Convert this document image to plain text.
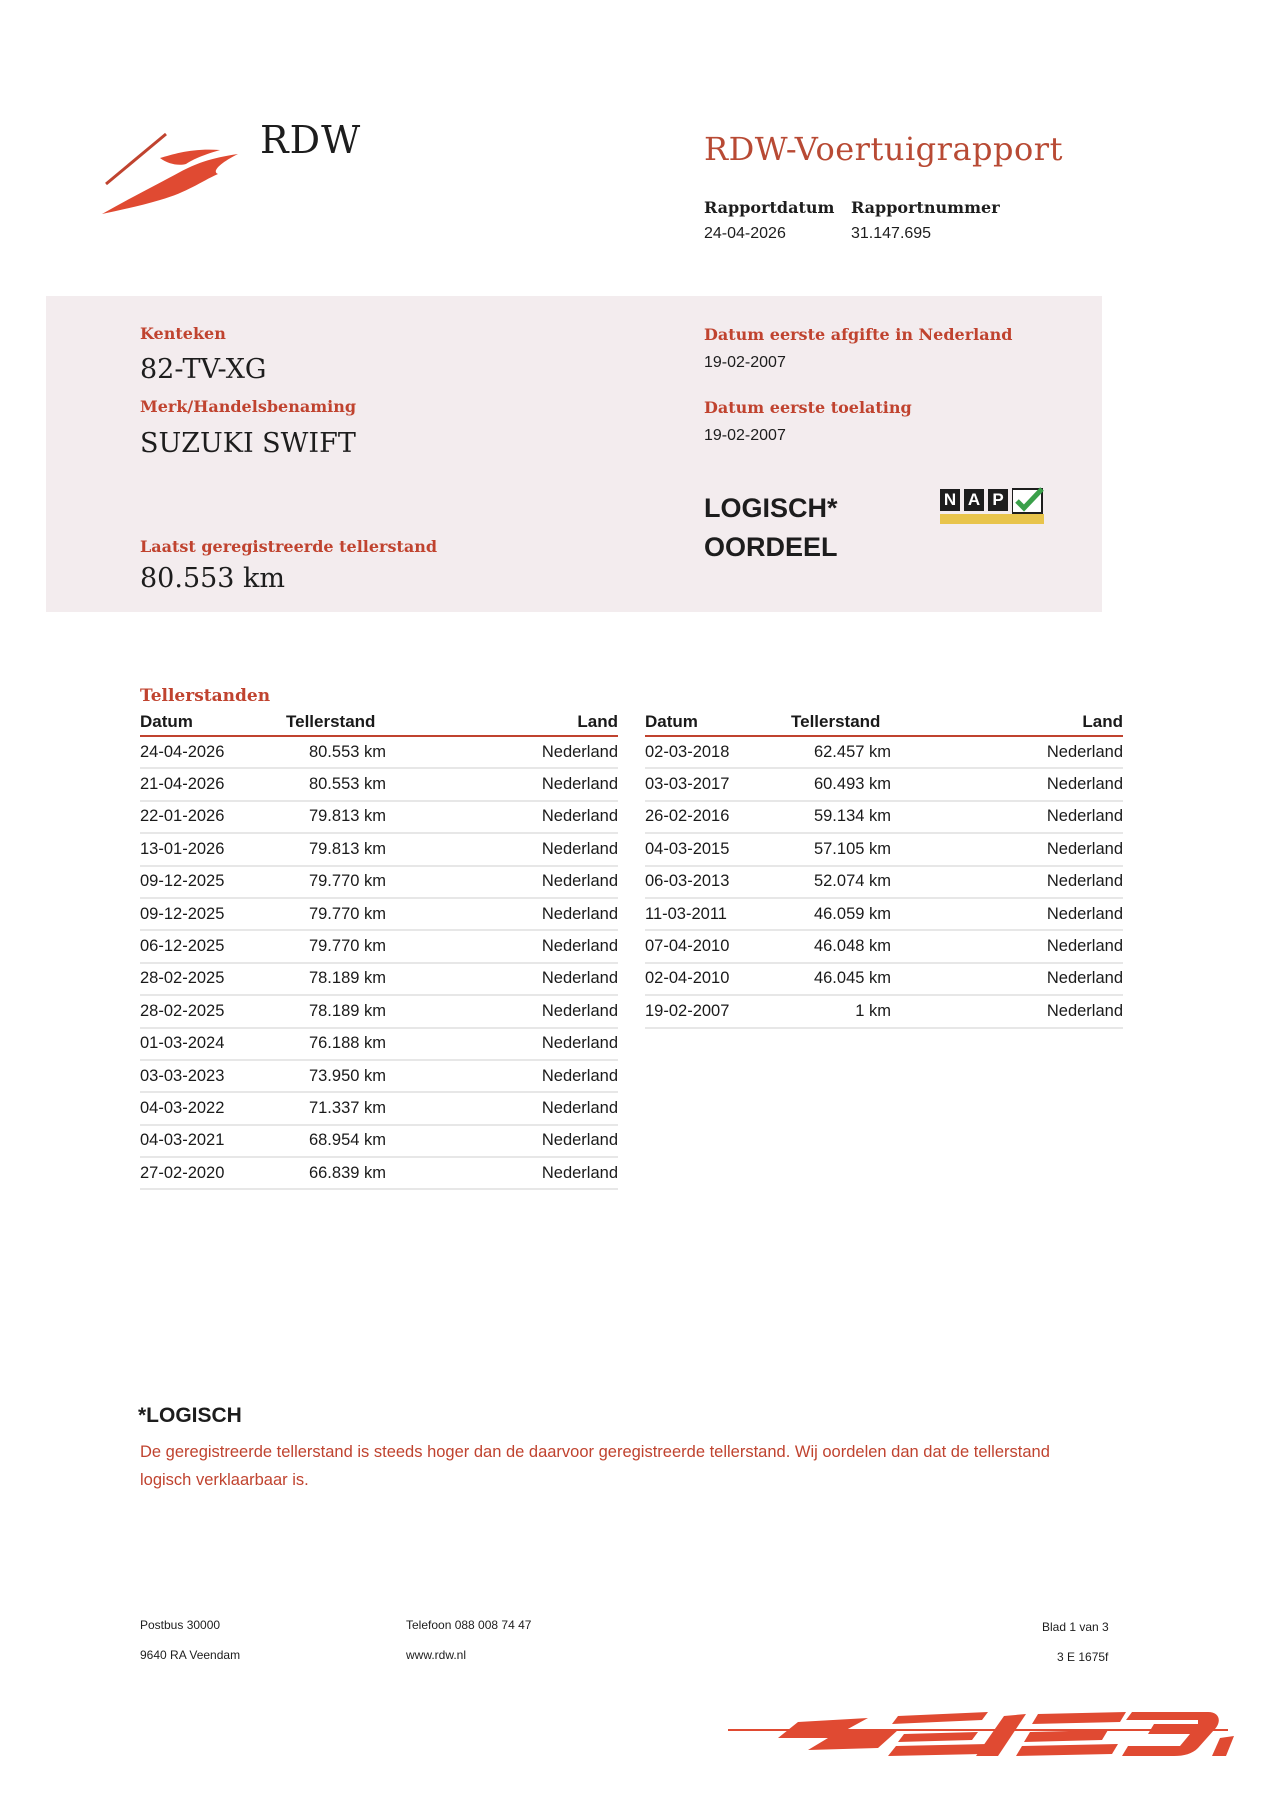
RDW	RDW-Voertuigrapport
Rapportdatum
24-04-2026
Rapportnummer
31.147.695
Kenteken
82-TV-XG
Merk/Handelsbenaming
SUZUKI SWIFT
Laatst geregistreerde tellerstand
80.553 km
Datum eerste afgifte in Nederland
19-02-2007
Datum eerste toelating
19-02-2007
LOGISCH*
OORDEEL
N A P
Tellerstanden
Datum	Tellerstand	Land
24-04-2026	80.553 km	Nederland
21-04-2026	80.553 km	Nederland
22-01-2026	79.813 km	Nederland
13-01-2026	79.813 km	Nederland
09-12-2025	79.770 km	Nederland
09-12-2025	79.770 km	Nederland
06-12-2025	79.770 km	Nederland
28-02-2025	78.189 km	Nederland
28-02-2025	78.189 km	Nederland
01-03-2024	76.188 km	Nederland
03-03-2023	73.950 km	Nederland
04-03-2022	71.337 km	Nederland
04-03-2021	68.954 km	Nederland
27-02-2020	66.839 km	Nederland
Datum	Tellerstand	Land
02-03-2018	62.457 km	Nederland
03-03-2017	60.493 km	Nederland
26-02-2016	59.134 km	Nederland
04-03-2015	57.105 km	Nederland
06-03-2013	52.074 km	Nederland
11-03-2011	46.059 km	Nederland
07-04-2010	46.048 km	Nederland
02-04-2010	46.045 km	Nederland
19-02-2007	1 km	Nederland
*LOGISCH
De geregistreerde tellerstand is steeds hoger dan de daarvoor geregistreerde tellerstand. Wij oordelen dan dat de tellerstand logisch verklaarbaar is.
Postbus 30000
9640 RA Veendam
Telefoon 088 008 74 47
www.rdw.nl
Blad 1 van 3
3 E 1675f
